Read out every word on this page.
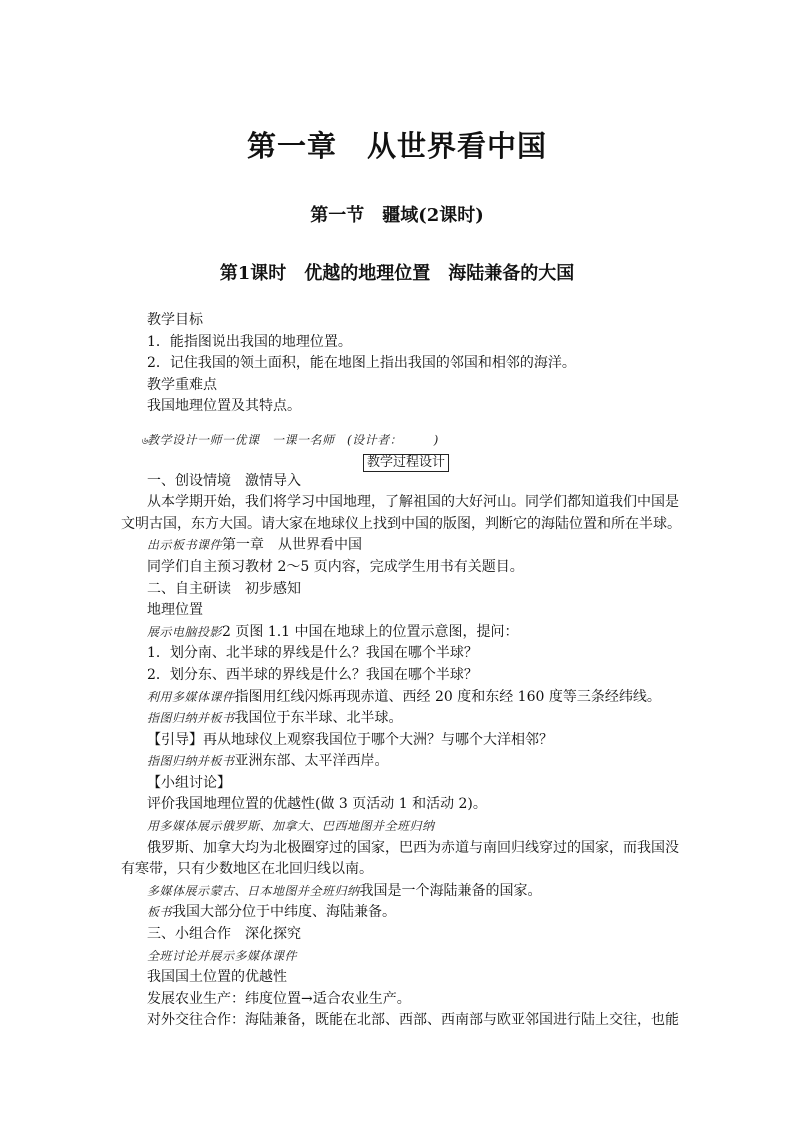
第一章　从世界看中国
第一节　疆域(2课时)
第1课时　优越的地理位置　海陆兼备的大国
教学目标
1．能指图说出我国的地理位置。
2．记住我国的领土面积，能在地图上指出我国的邻国和相邻的海洋。
教学重难点
我国地理位置及其特点。
৬教学设计一师一优课　一课一名师　(设计者：　　　)
教学过程设计
一、创设情境　激情导入
从本学期开始，我们将学习中国地理，了解祖国的大好河山。同学们都知道我们中国是
文明古国，东方大国。请大家在地球仪上找到中国的版图，判断它的海陆位置和所在半球。
出示板书课件第一章　从世界看中国
同学们自主预习教材 2～5 页内容，完成学生用书有关题目。
二、自主研读　初步感知
地理位置
展示电脑投影2 页图 1.1 中国在地球上的位置示意图，提问：
1．划分南、北半球的界线是什么？我国在哪个半球？
2．划分东、西半球的界线是什么？我国在哪个半球？
利用多媒体课件指图用红线闪烁再现赤道、西经 20 度和东经 160 度等三条经纬线。
指图归纳并板书我国位于东半球、北半球。
【引导】再从地球仪上观察我国位于哪个大洲？与哪个大洋相邻？
指图归纳并板书亚洲东部、太平洋西岸。
【小组讨论】
评价我国地理位置的优越性(做 3 页活动 1 和活动 2)。
用多媒体展示俄罗斯、加拿大、巴西地图并全班归纳
俄罗斯、加拿大均为北极圈穿过的国家，巴西为赤道与南回归线穿过的国家，而我国没
有寒带，只有少数地区在北回归线以南。
多媒体展示蒙古、日本地图并全班归纳我国是一个海陆兼备的国家。
板书我国大部分位于中纬度、海陆兼备。
三、小组合作　深化探究
全班讨论并展示多媒体课件
我国国土位置的优越性
发展农业生产：纬度位置→适合农业生产。
对外交往合作：海陆兼备，既能在北部、西部、西南部与欧亚邻国进行陆上交往，也能
